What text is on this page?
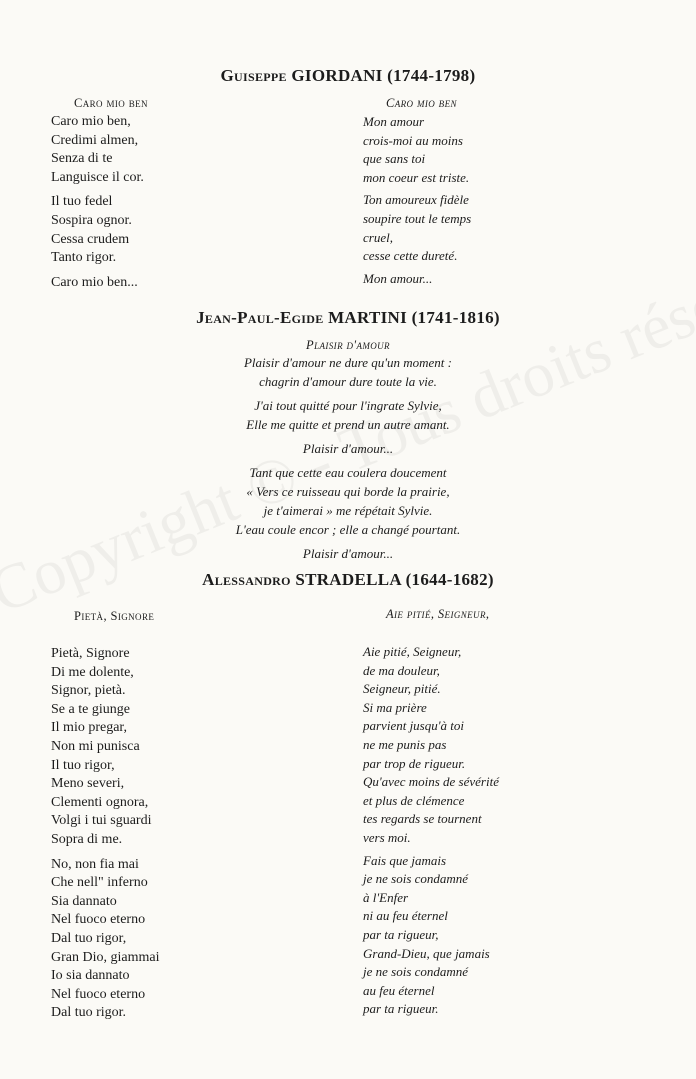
Guiseppe GIORDANI (1744-1798)
Caro mio ben	Caro mio ben
Caro mio ben,
Credimi almen,
Senza di te
Languisce il cor.
Il tuo fedel
Sospira ognor.
Cessa crudem
Tanto rigor.
Caro mio ben...
Mon amour
crois-moi au moins
que sans toi
mon coeur est triste.
Ton amoureux fidèle
soupire tout le temps
cruel,
cesse cette dureté.
Mon amour...
Jean-Paul-Egide MARTINI (1741-1816)
Plaisir d'amour
Plaisir d'amour ne dure qu'un moment :
chagrin d'amour dure toute la vie.
J'ai tout quitté pour l'ingrate Sylvie,
Elle me quitte et prend un autre amant.
Plaisir d'amour...
Tant que cette eau coulera doucement
« Vers ce ruisseau qui borde la prairie,
je t'aimerai » me répétait Sylvie.
L'eau coule encor ; elle a changé pourtant.
Plaisir d'amour...
Alessandro STRADELLA (1644-1682)
Pietà, Signore	Aie pitié, Seigneur,
Pietà, Signore
Di me dolente,
Signor, pietà.
Se a te giunge
Il mio pregar,
Non mi punisca
Il tuo rigor,
Meno severi,
Clementi ognora,
Volgi i tui sguardi
Sopra di me.
No, non fia mai
Che nell" inferno
Sia dannato
Nel fuoco eterno
Dal tuo rigor,
Gran Dio, giammai
Io sia dannato
Nel fuoco eterno
Dal tuo rigor.
Aie pitié, Seigneur,
de ma douleur,
Seigneur, pitié.
Si ma prière
parvient jusqu'à toi
ne me punis pas
par trop de rigueur.
Qu'avec moins de sévérité
et plus de clémence
tes regards se tournent
vers moi.
Fais que jamais
je ne sois condamné
à l'Enfer
ni au feu éternel
par ta rigueur,
Grand-Dieu, que jamais
je ne sois condamné
au feu éternel
par ta rigueur.
